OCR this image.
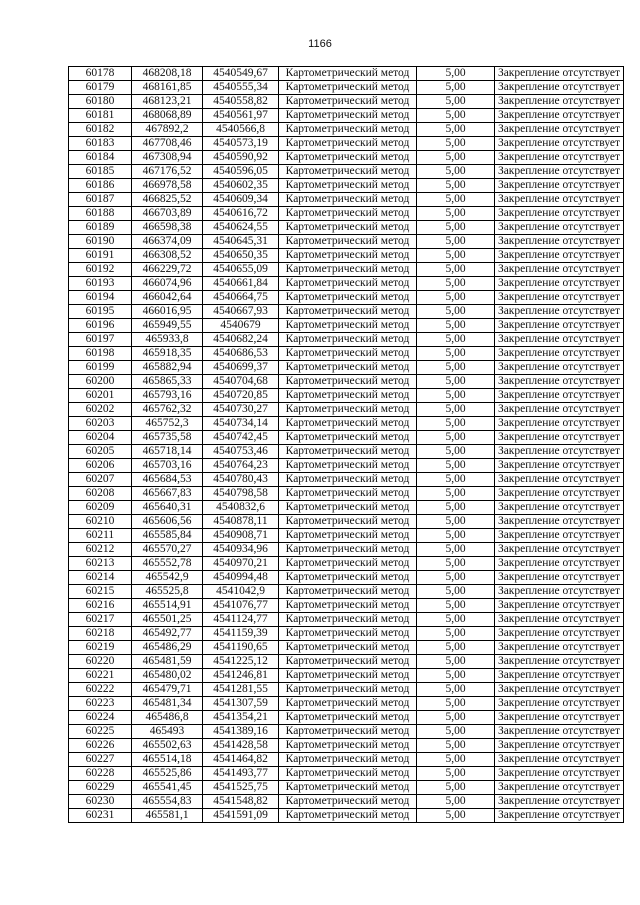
1166
60178	468208,18	4540549,67	Картометрический метод	5,00	Закрепление отсутствует
60179	468161,85	4540555,34	Картометрический метод	5,00	Закрепление отсутствует
60180	468123,21	4540558,82	Картометрический метод	5,00	Закрепление отсутствует
60181	468068,89	4540561,97	Картометрический метод	5,00	Закрепление отсутствует
60182	467892,2	4540566,8	Картометрический метод	5,00	Закрепление отсутствует
60183	467708,46	4540573,19	Картометрический метод	5,00	Закрепление отсутствует
60184	467308,94	4540590,92	Картометрический метод	5,00	Закрепление отсутствует
60185	467176,52	4540596,05	Картометрический метод	5,00	Закрепление отсутствует
60186	466978,58	4540602,35	Картометрический метод	5,00	Закрепление отсутствует
60187	466825,52	4540609,34	Картометрический метод	5,00	Закрепление отсутствует
60188	466703,89	4540616,72	Картометрический метод	5,00	Закрепление отсутствует
60189	466598,38	4540624,55	Картометрический метод	5,00	Закрепление отсутствует
60190	466374,09	4540645,31	Картометрический метод	5,00	Закрепление отсутствует
60191	466308,52	4540650,35	Картометрический метод	5,00	Закрепление отсутствует
60192	466229,72	4540655,09	Картометрический метод	5,00	Закрепление отсутствует
60193	466074,96	4540661,84	Картометрический метод	5,00	Закрепление отсутствует
60194	466042,64	4540664,75	Картометрический метод	5,00	Закрепление отсутствует
60195	466016,95	4540667,93	Картометрический метод	5,00	Закрепление отсутствует
60196	465949,55	4540679	Картометрический метод	5,00	Закрепление отсутствует
60197	465933,8	4540682,24	Картометрический метод	5,00	Закрепление отсутствует
60198	465918,35	4540686,53	Картометрический метод	5,00	Закрепление отсутствует
60199	465882,94	4540699,37	Картометрический метод	5,00	Закрепление отсутствует
60200	465865,33	4540704,68	Картометрический метод	5,00	Закрепление отсутствует
60201	465793,16	4540720,85	Картометрический метод	5,00	Закрепление отсутствует
60202	465762,32	4540730,27	Картометрический метод	5,00	Закрепление отсутствует
60203	465752,3	4540734,14	Картометрический метод	5,00	Закрепление отсутствует
60204	465735,58	4540742,45	Картометрический метод	5,00	Закрепление отсутствует
60205	465718,14	4540753,46	Картометрический метод	5,00	Закрепление отсутствует
60206	465703,16	4540764,23	Картометрический метод	5,00	Закрепление отсутствует
60207	465684,53	4540780,43	Картометрический метод	5,00	Закрепление отсутствует
60208	465667,83	4540798,58	Картометрический метод	5,00	Закрепление отсутствует
60209	465640,31	4540832,6	Картометрический метод	5,00	Закрепление отсутствует
60210	465606,56	4540878,11	Картометрический метод	5,00	Закрепление отсутствует
60211	465585,84	4540908,71	Картометрический метод	5,00	Закрепление отсутствует
60212	465570,27	4540934,96	Картометрический метод	5,00	Закрепление отсутствует
60213	465552,78	4540970,21	Картометрический метод	5,00	Закрепление отсутствует
60214	465542,9	4540994,48	Картометрический метод	5,00	Закрепление отсутствует
60215	465525,8	4541042,9	Картометрический метод	5,00	Закрепление отсутствует
60216	465514,91	4541076,77	Картометрический метод	5,00	Закрепление отсутствует
60217	465501,25	4541124,77	Картометрический метод	5,00	Закрепление отсутствует
60218	465492,77	4541159,39	Картометрический метод	5,00	Закрепление отсутствует
60219	465486,29	4541190,65	Картометрический метод	5,00	Закрепление отсутствует
60220	465481,59	4541225,12	Картометрический метод	5,00	Закрепление отсутствует
60221	465480,02	4541246,81	Картометрический метод	5,00	Закрепление отсутствует
60222	465479,71	4541281,55	Картометрический метод	5,00	Закрепление отсутствует
60223	465481,34	4541307,59	Картометрический метод	5,00	Закрепление отсутствует
60224	465486,8	4541354,21	Картометрический метод	5,00	Закрепление отсутствует
60225	465493	4541389,16	Картометрический метод	5,00	Закрепление отсутствует
60226	465502,63	4541428,58	Картометрический метод	5,00	Закрепление отсутствует
60227	465514,18	4541464,82	Картометрический метод	5,00	Закрепление отсутствует
60228	465525,86	4541493,77	Картометрический метод	5,00	Закрепление отсутствует
60229	465541,45	4541525,75	Картометрический метод	5,00	Закрепление отсутствует
60230	465554,83	4541548,82	Картометрический метод	5,00	Закрепление отсутствует
60231	465581,1	4541591,09	Картометрический метод	5,00	Закрепление отсутствует
